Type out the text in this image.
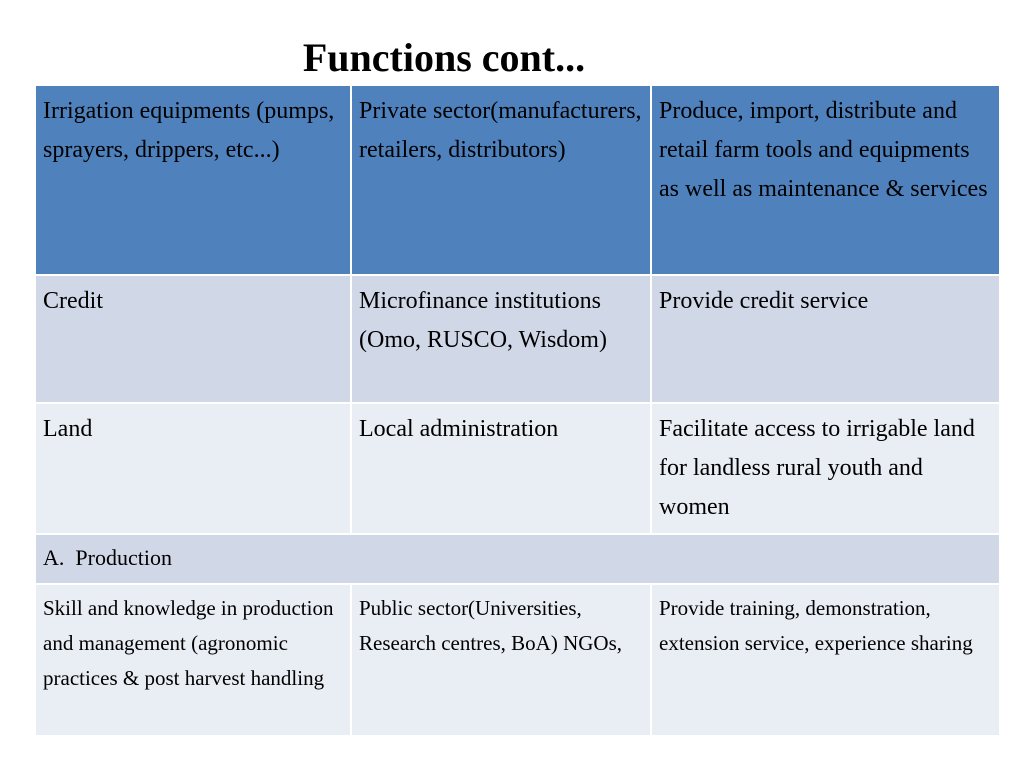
Functions cont...
Irrigation equipments (pumps, sprayers, drippers, etc...)	Private sector(manufacturers, retailers, distributors)	Produce, import, distribute and retail farm tools and equipments as well as maintenance & services
Credit	Microfinance institutions (Omo, RUSCO, Wisdom)	Provide credit service
Land	Local administration	Facilitate access to irrigable land for landless rural youth and women
A.  Production		
Skill and knowledge in production and management (agronomic practices & post harvest handling	Public sector(Universities, Research centres, BoA) NGOs,	Provide training, demonstration, extension service, experience sharing
